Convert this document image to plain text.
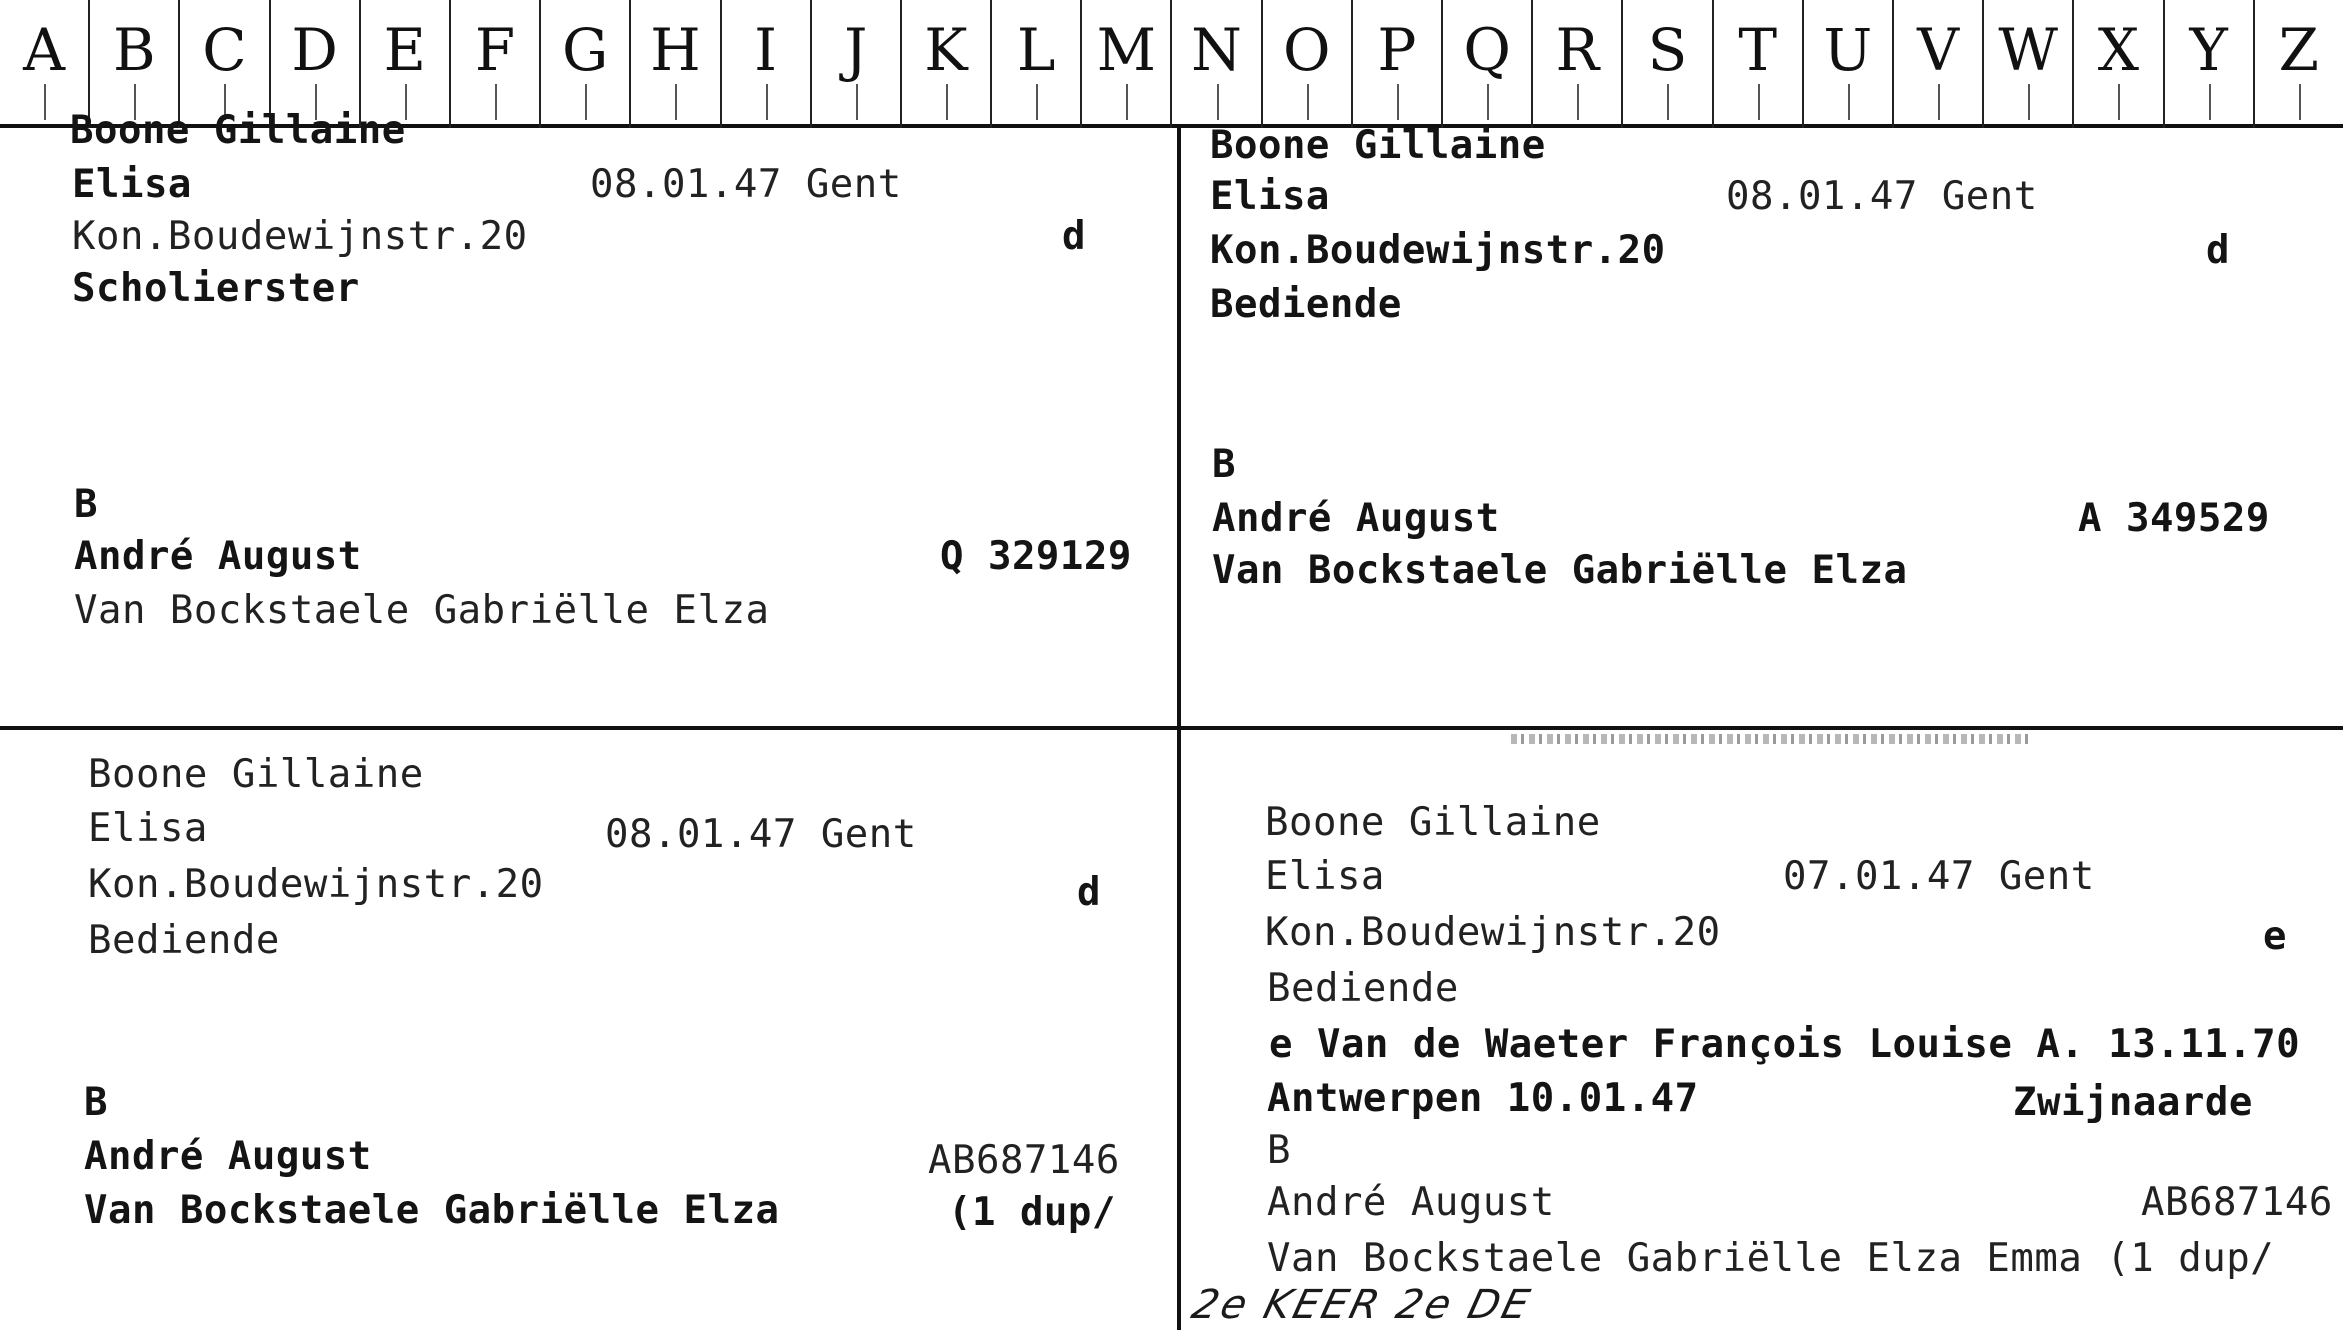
A B C D E F G H I J K L M N O P Q R S T U V W X Y Z
Boone Gillaine
Elisa	08.01.47 Gent
Kon.Boudewijnstr.20	d
Scholierster
B
André August	Q 329129
Van Bockstaele Gabriëlle Elza
Boone Gillaine
Elisa	08.01.47 Gent
Kon.Boudewijnstr.20	d
Bediende
B
André August	A 349529
Van Bockstaele Gabriëlle Elza
Boone Gillaine
Elisa	08.01.47 Gent
Kon.Boudewijnstr.20	d
Bediende
B
André August	AB687146
Van Bockstaele Gabriëlle Elza	(1 dup/
Boone Gillaine
Elisa	07.01.47 Gent
Kon.Boudewijnstr.20	e
Bediende
e Van de Waeter François Louise A. 13.11.70
Antwerpen 10.01.47	Zwijnaarde
B
André August	AB687146
Van Bockstaele Gabriëlle Elza Emma (1 dup/
2e KEER 2e DE
